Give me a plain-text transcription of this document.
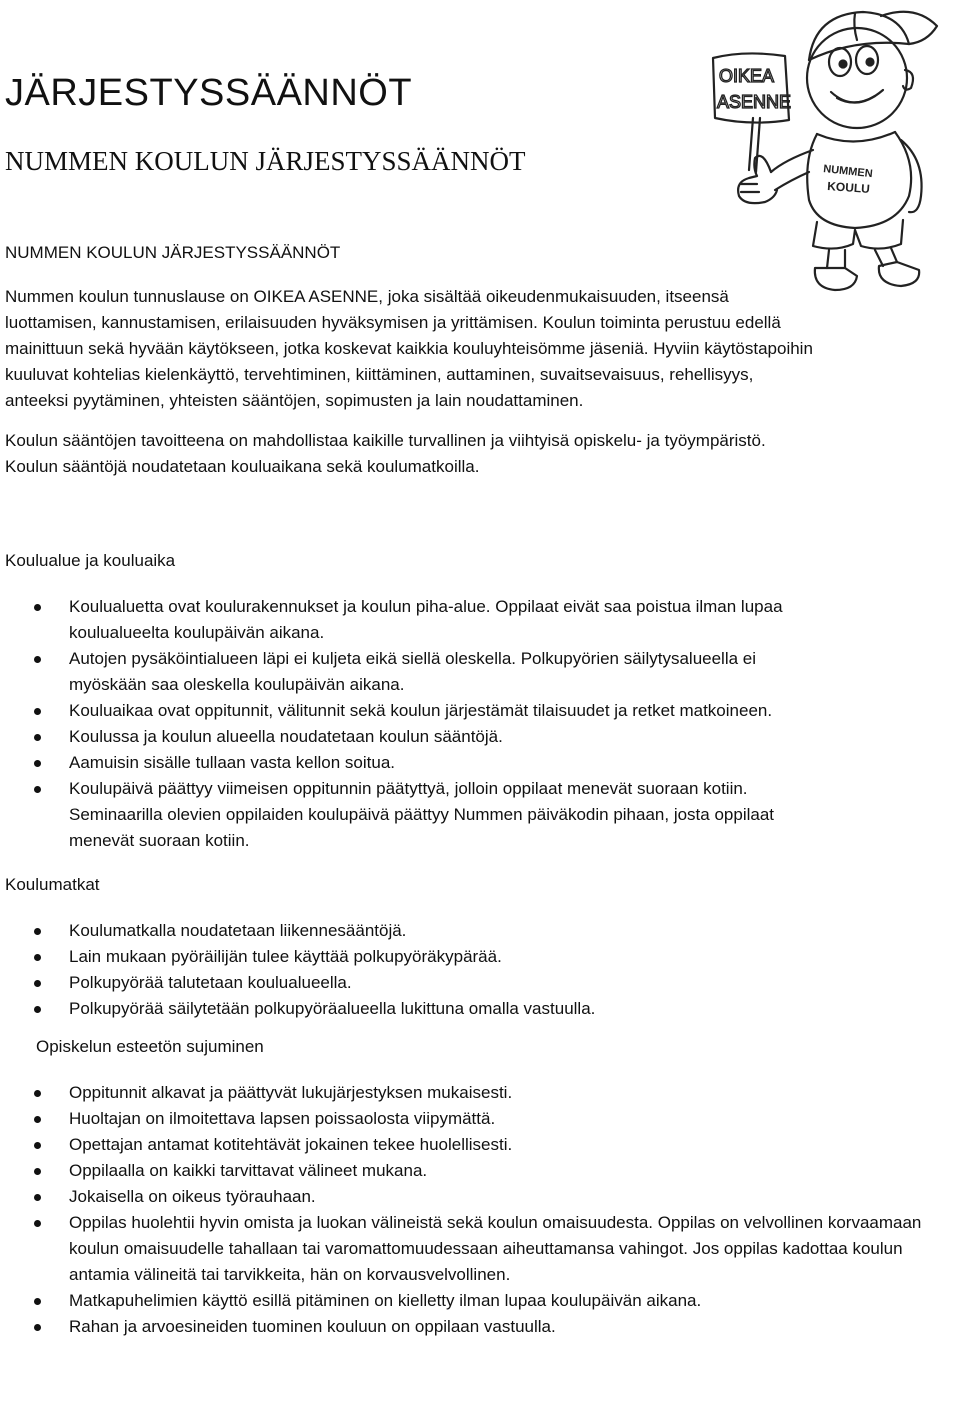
JÄRJESTYSSÄÄNNÖT
NUMMEN KOULUN JÄRJESTYSSÄÄNNÖT
OIKEA
ASENNE
NUMMEN
KOULU

NUMMEN KOULUN JÄRJESTYSSÄÄNNÖT

Nummen koulun tunnuslause on OIKEA ASENNE, joka sisältää oikeudenmukaisuuden, itseensä luottamisen, kannustamisen, erilaisuuden hyväksymisen ja yrittämisen. Koulun toiminta perustuu edellä mainittuun sekä hyvään käytökseen, jotka koskevat kaikkia kouluyhteisömme jäseniä. Hyviin käytöstapoihin kuuluvat kohtelias kielenkäyttö, tervehtiminen, kiittäminen, auttaminen, suvaitsevaisuus, rehellisyys, anteeksi pyytäminen, yhteisten sääntöjen, sopimusten ja lain noudattaminen.

Koulun sääntöjen tavoitteena on mahdollistaa kaikille turvallinen ja viihtyisä opiskelu- ja työympäristö. Koulun sääntöjä noudatetaan kouluaikana sekä koulumatkoilla.

Koulualue ja kouluaika

Koulualuetta ovat koulurakennukset ja koulun piha-alue. Oppilaat eivät saa poistua ilman lupaa koulualueelta koulupäivän aikana.
Autojen pysäköintialueen läpi ei kuljeta eikä siellä oleskella. Polkupyörien säilytysalueella ei myöskään saa oleskella koulupäivän aikana.
Kouluaikaa ovat oppitunnit, välitunnit sekä koulun järjestämät tilaisuudet ja retket matkoineen.
Koulussa ja koulun alueella noudatetaan koulun sääntöjä.
Aamuisin sisälle tullaan vasta kellon soitua.
Koulupäivä päättyy viimeisen oppitunnin päätyttyä, jolloin oppilaat menevät suoraan kotiin. Seminaarilla olevien oppilaiden koulupäivä päättyy Nummen päiväkodin pihaan, josta oppilaat menevät suoraan kotiin.

Koulumatkat

Koulumatkalla noudatetaan liikennesääntöjä.
Lain mukaan pyöräilijän tulee käyttää polkupyöräkypärää.
Polkupyörää talutetaan koulualueella.
Polkupyörää säilytetään polkupyöräalueella lukittuna omalla vastuulla.

Opiskelun esteetön sujuminen

Oppitunnit alkavat ja päättyvät lukujärjestyksen mukaisesti.
Huoltajan on ilmoitettava lapsen poissaolosta viipymättä.
Opettajan antamat kotitehtävät jokainen tekee huolellisesti.
Oppilaalla on kaikki tarvittavat välineet mukana.
Jokaisella on oikeus työrauhaan.
Oppilas huolehtii hyvin omista ja luokan välineistä sekä koulun omaisuudesta. Oppilas on velvollinen korvaamaan koulun omaisuudelle tahallaan tai varomattomuudessaan aiheuttamansa vahingot. Jos oppilas kadottaa koulun antamia välineitä tai tarvikkeita, hän on korvausvelvollinen.
Matkapuhelimien käyttö esillä pitäminen on kielletty ilman lupaa koulupäivän aikana.
Rahan ja arvoesineiden tuominen kouluun on oppilaan vastuulla.
